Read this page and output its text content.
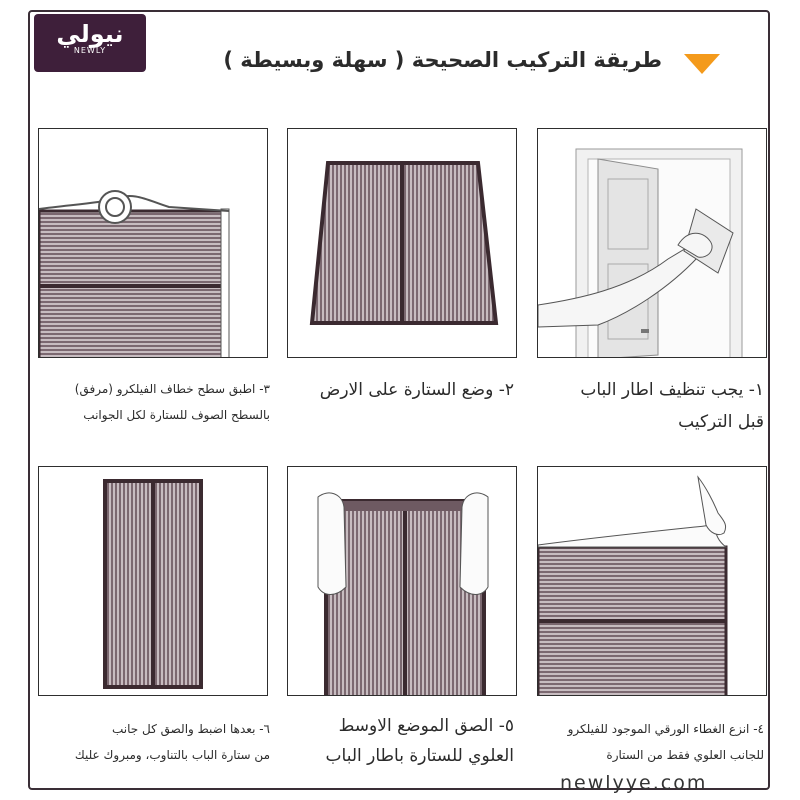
نيولي
NEWLY	طريقة التركيب الصحيحة ( سهلة وبسيطة )
١- يجب تنظيف اطار الباب
قبل التركيب
٢- وضع الستارة على الارض
٣- اطبق سطح خطاف الفيلكرو (مرفق)
بالسطح الصوف للستارة لكل الجوانب
٤- انزع الغطاء الورقي الموجود للفيلكرو
للجانب العلوي فقط من الستارة
٥- الصق الموضع الاوسط
العلوي للستارة باطار الباب
٦- بعدها اضبط والصق كل جانب
من ستارة الباب بالتناوب، ومبروك عليك
newlyye.com
